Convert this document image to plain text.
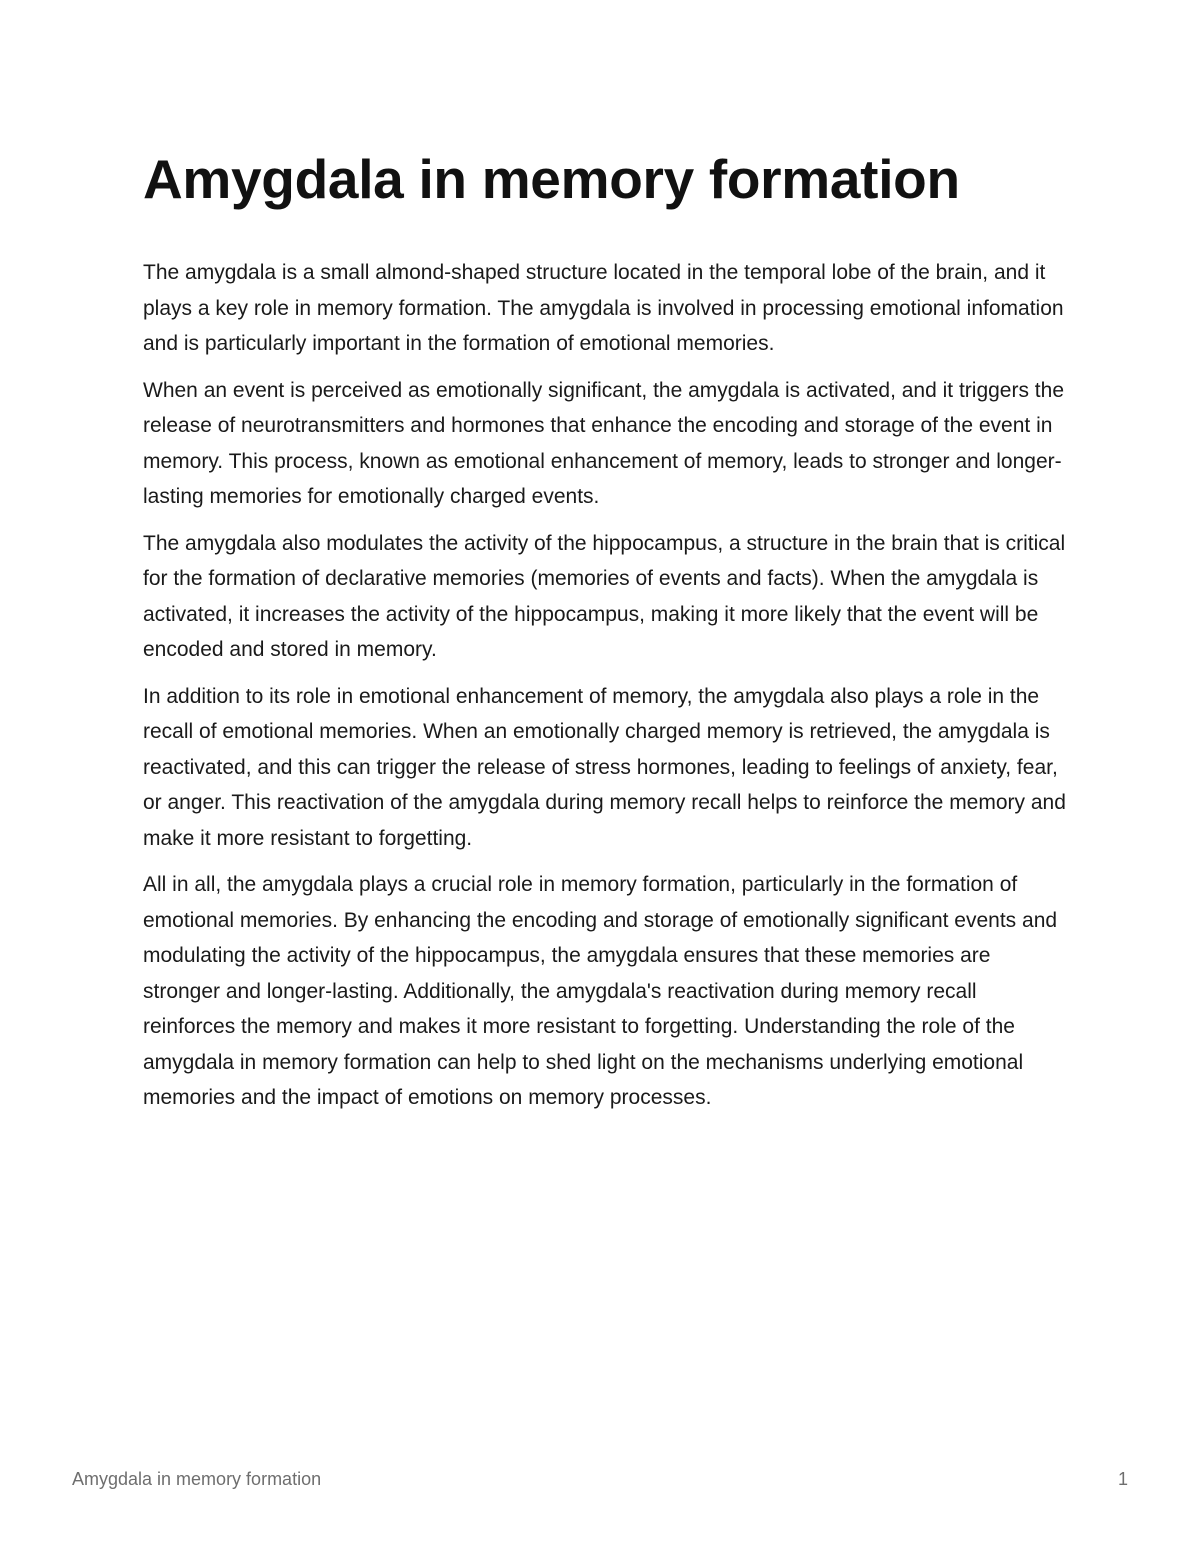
Amygdala in memory formation

The amygdala is a small almond-shaped structure located in the temporal lobe of the brain, and it plays a key role in memory formation. The amygdala is involved in processing emotional infomation and is particularly important in the formation of emotional memories.

When an event is perceived as emotionally significant, the amygdala is activated, and it triggers the release of neurotransmitters and hormones that enhance the encoding and storage of the event in memory. This process, known as emotional enhancement of memory, leads to stronger and longer-lasting memories for emotionally charged events.

The amygdala also modulates the activity of the hippocampus, a structure in the brain that is critical for the formation of declarative memories (memories of events and facts). When the amygdala is activated, it increases the activity of the hippocampus, making it more likely that the event will be encoded and stored in memory.

In addition to its role in emotional enhancement of memory, the amygdala also plays a role in the recall of emotional memories. When an emotionally charged memory is retrieved, the amygdala is reactivated, and this can trigger the release of stress hormones, leading to feelings of anxiety, fear, or anger. This reactivation of the amygdala during memory recall helps to reinforce the memory and make it more resistant to forgetting.

All in all, the amygdala plays a crucial role in memory formation, particularly in the formation of emotional memories. By enhancing the encoding and storage of emotionally significant events and modulating the activity of the hippocampus, the amygdala ensures that these memories are stronger and longer-lasting. Additionally, the amygdala's reactivation during memory recall reinforces the memory and makes it more resistant to forgetting. Understanding the role of the amygdala in memory formation can help to shed light on the mechanisms underlying emotional memories and the impact of emotions on memory processes.

Amygdala in memory formation	1
